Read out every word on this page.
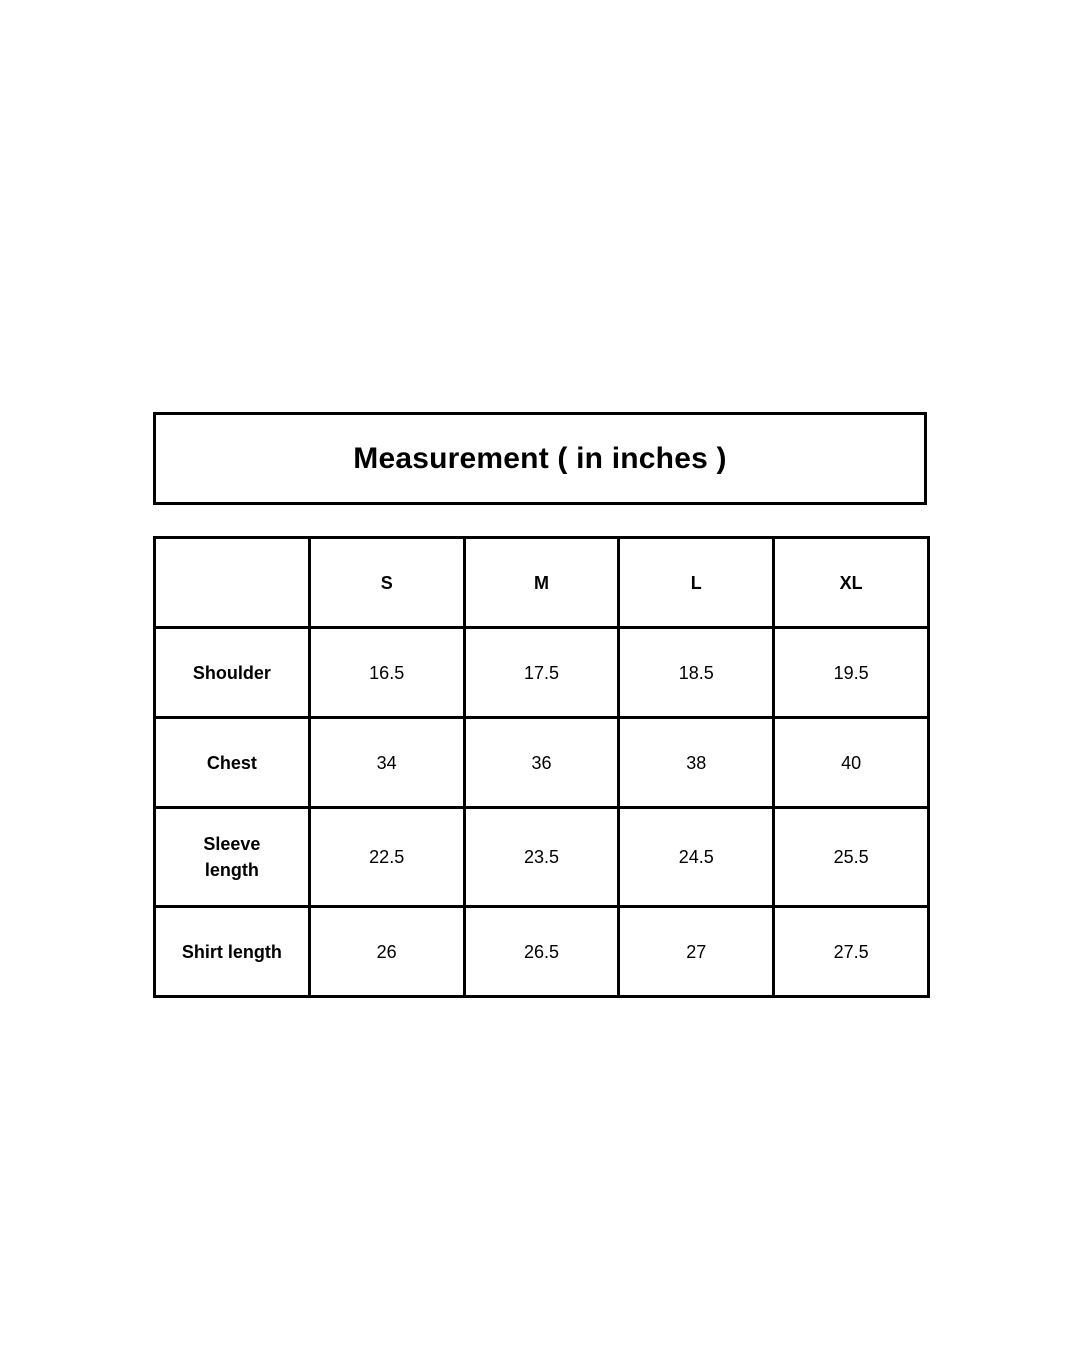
Measurement ( in inches )
	S	M	L	XL
Shoulder	16.5	17.5	18.5	19.5
Chest	34	36	38	40
Sleeve length	22.5	23.5	24.5	25.5
Shirt length	26	26.5	27	27.5
